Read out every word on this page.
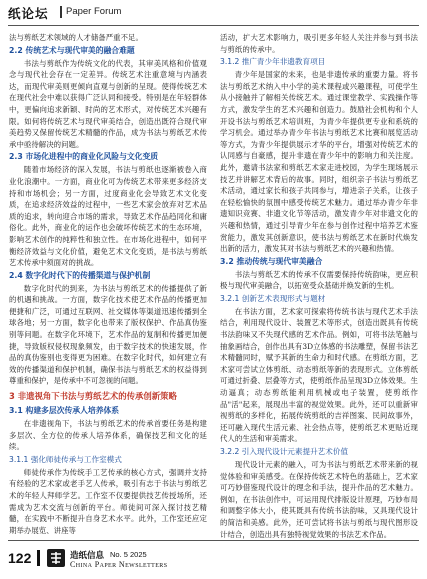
纸论坛 Paper Forum

法与剪纸艺术领域的人才储备严重不足。

2.2 传统艺术与现代审美的融合难题

书法与剪纸作为传统文化的代表，其审美风格和价值观念与现代社会存在一定差异。传统艺术注重意境与内涵表达，而现代审美则更倾向直观与创新的呈现。使得传统艺术在现代社会中难以获得广泛认同和接受。特别是在年轻群体中，更偏向追求新颖、时尚的艺术形式，对传统艺术兴趣有限。如何将传统艺术与现代审美结合，创造出既符合现代审美趋势又保留传统艺术精髓的作品，成为书法与剪纸艺术传承中亟待解决的问题。

2.3 市场化进程中的商业化风险与文化变质

随着市场经济的深入发展，书法与剪纸也逐渐被卷入商业化浪潮中。一方面，商业化可为传统艺术带来更多经济支持和市场机会；另一方面，过度商业化会导致艺术文化变质，在追求经济效益的过程中，一些艺术家会放弃对艺术品质的追求，转向迎合市场的需求，导致艺术作品趋同化和庸俗化。此外，商业化的运作也会破坏传统艺术的生态环境，影响艺术创作的纯粹性和独立性。在市场化进程中，如何平衡经济效益与文化价值，避免艺术文化变质，是书法与剪纸艺术传承中须面对的挑战。

2.4 数字化时代下的传播渠道与保护机制

数字化时代的到来，为书法与剪纸艺术的传播提供了新的机遇和挑战。一方面，数字化技术使艺术作品的传播更加便捷和广泛，可通过互联网、社交媒体等渠道迅速传播到全球各地；另一方面，数字化也带来了版权保护、作品真伪鉴别等问题。在数字化环境下，艺术作品的复制和传播更加便捷，导致版权侵权现象频发，由于数字技术的快速发展，作品的真伪鉴别也变得更为困难。在数字化时代，如何建立有效的传播渠道和保护机制，确保书法与剪纸艺术的权益得到尊重和保护，是传承中不可忽视的问题。

3 非遗视角下书法与剪纸艺术的传承创新策略
3.1 构建多层次传承人培养体系

在非遗视角下，书法与剪纸艺术的传承首要任务是构建多层次、全方位的传承人培养体系，确保技艺和文化的延续。

3.1.1 强化师徒传承与工作室模式

师徒传承作为传统手工艺传承的核心方式，强调并支持有经验的艺术家或老手艺人传承，吸引有志于书法与剪纸艺术的年轻人拜师学艺。工作室不仅要提供技艺传授场所，还需成为艺术交流与创新的平台。师徒间可深入探讨技艺精髓，在实践中不断提升自身艺术水平。此外，工作室还应定期举办展览、讲座等

活动，扩大艺术影响力，吸引更多年轻人关注并参与到书法与剪纸的传承中。

3.1.2 推广青少年非遗教育项目

青少年是国家的未来，也是非遗传承的重要力量。将书法与剪纸艺术纳入中小学的美术课程或兴趣课程，可使学生从小接触并了解相关传统艺术。通过课堂教学、实践操作等方式，激发学生的艺术兴趣和创造力。鼓励社会机构和个人开设书法与剪纸艺术培训班，为青少年提供更专业和系统的学习机会。通过举办青少年书法与剪纸艺术比赛和展览活动等方式，为青少年提供展示才华的平台，增强对传统艺术的认同感与自豪感，提升非遗在青少年中的影响力和关注度。此外，邀请书法家和剪纸艺术家走进校园，为学生现场展示技艺并讲解艺术背后的故事。同时，组织亲子书法与剪纸艺术活动，通过家长和孩子共同参与，增进亲子关系，让孩子在轻松愉快的氛围中感受传统艺术魅力。通过举办青少年非遗知识竞赛、非遗文化节等活动，激发青少年对非遗文化的兴趣和热情，通过引导青少年在参与创作过程中培养艺术鉴赏能力，激发其创新意识，使书法与剪纸艺术在新时代焕发出新的活力，激发其对书法与剪纸艺术的兴趣和热情。

3.2 推动传统与现代审美融合

书法与剪纸艺术的传承不仅需要保持传统韵味，更应积极与现代审美融合，以拓宽受众基础并焕发新的生机。

3.2.1 创新艺术表现形式与题材

在书法方面，艺术家可探索将传统书法与现代艺术手法结合，利用现代设计、装置艺术等形式，创造出既具有传统书法韵味又不失现代感的艺术作品。例如，可将书法笔触与抽象画结合，创作出具有3D立体感的书法雕塑，保留书法艺术精髓同时，赋予其新的生命力和时代感。在剪纸方面，艺术家可尝试立体剪纸、动态剪纸等新的表现形式。立体剪纸可通过折叠、层叠等方式，使剪纸作品呈现3D立体效果。生动逼真；动态剪纸能利用机械或电子装置，使剪纸作品"活"起来，展现出丰富的视觉效果。此外，还可以重新审视剪纸的多样化，拓展传统剪纸的吉祥图案、民间故事外，还可融入现代生活元素、社会热点等，使剪纸艺术更贴近现代人的生活和审美需求。

3.2.2 引入现代设计元素提升艺术价值

现代设计元素的融入，可为书法与剪纸艺术带来新的视觉体验和审美感受。在保持传统艺术特色的基础上，艺术家可巧妙借鉴现代设计的理念和手法，提升作品的艺术魅力。例如，在书法创作中，可运用现代排版设计原理，巧妙布局和调整字体大小，使其既具有传统书法韵味，又具现代设计的简洁和美感。此外，还可尝试将书法与剪纸与现代图形设计结合，创造出具有独特视觉效果的书法艺术作品。

122	造纸信息 No. 5 2025
China Paper Newsletters
